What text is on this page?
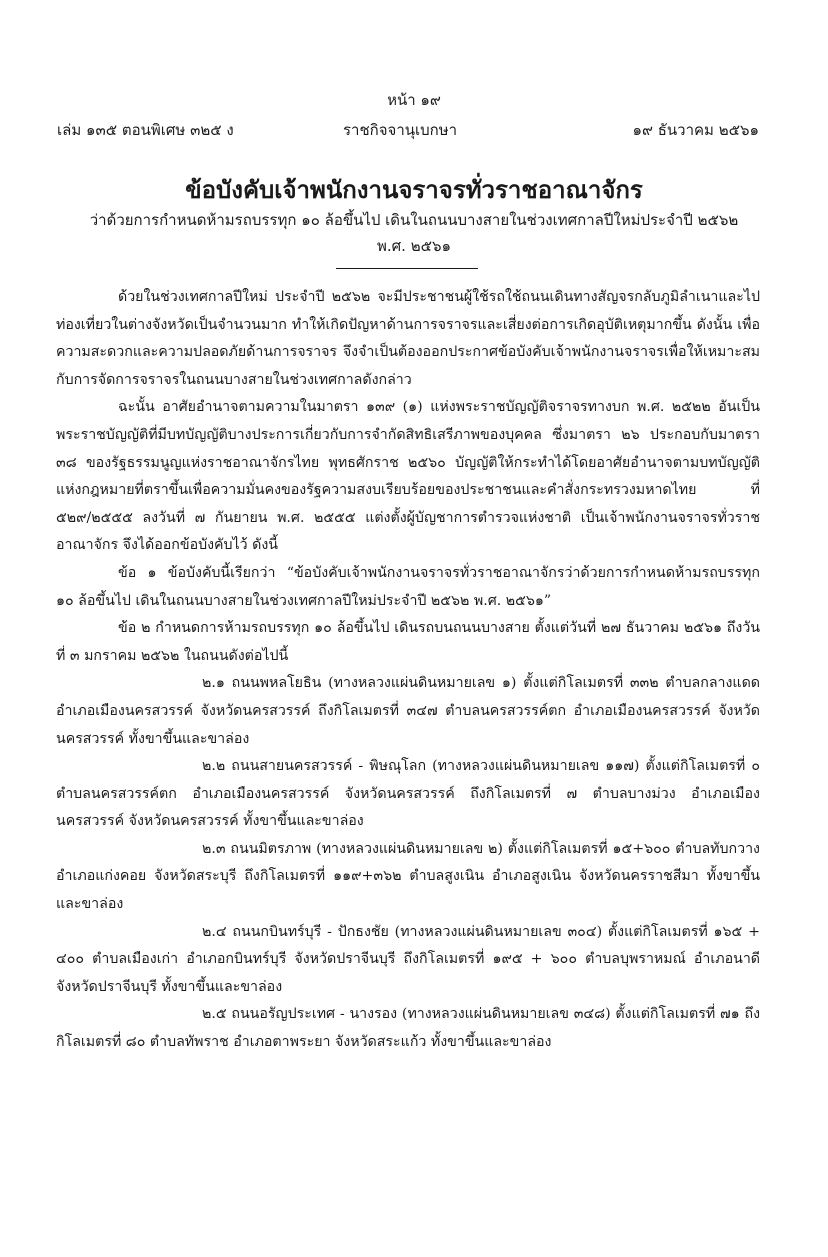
หน้า ๑๙
เล่ม ๑๓๕ ตอนพิเศษ ๓๒๕ ง	ราชกิจจานุเบกษา	๑๙ ธันวาคม ๒๕๖๑
ข้อบังคับเจ้าพนักงานจราจรทั่วราชอาณาจักร
ว่าด้วยการกำหนดห้ามรถบรรทุก ๑๐ ล้อขึ้นไป เดินในถนนบางสายในช่วงเทศกาลปีใหม่ประจำปี ๒๕๖๒
พ.ศ. ๒๕๖๑

ด้วยในช่วงเทศกาลปีใหม่ ประจำปี ๒๕๖๒ จะมีประชาชนผู้ใช้รถใช้ถนนเดินทางสัญจรกลับภูมิลำเนาและไปท่องเที่ยวในต่างจังหวัดเป็นจำนวนมาก ทำให้เกิดปัญหาด้านการจราจรและเสี่ยงต่อการเกิดอุบัติเหตุมากขึ้น ดังนั้น เพื่อความสะดวกและความปลอดภัยด้านการจราจร จึงจำเป็นต้องออกประกาศข้อบังคับเจ้าพนักงานจราจรเพื่อให้เหมาะสมกับการจัดการจราจรในถนนบางสายในช่วงเทศกาลดังกล่าว

ฉะนั้น อาศัยอำนาจตามความในมาตรา ๑๓๙ (๑) แห่งพระราชบัญญัติจราจรทางบก พ.ศ. ๒๕๒๒ อันเป็นพระราชบัญญัติที่มีบทบัญญัติบางประการเกี่ยวกับการจำกัดสิทธิเสรีภาพของบุคคล ซึ่งมาตรา ๒๖ ประกอบกับมาตรา ๓๘ ของรัฐธรรมนูญแห่งราชอาณาจักรไทย พุทธศักราช ๒๕๖๐ บัญญัติให้กระทำได้โดยอาศัยอำนาจตามบทบัญญัติแห่งกฎหมายที่ตราขึ้นเพื่อความมั่นคงของรัฐความสงบเรียบร้อยของประชาชนและคำสั่งกระทรวงมหาดไทย ที่ ๕๒๙/๒๕๕๕ ลงวันที่ ๗ กันยายน พ.ศ. ๒๕๕๕ แต่งตั้งผู้บัญชาการตำรวจแห่งชาติ เป็นเจ้าพนักงานจราจรทั่วราชอาณาจักร จึงได้ออกข้อบังคับไว้ ดังนี้

ข้อ ๑ ข้อบังคับนี้เรียกว่า “ข้อบังคับเจ้าพนักงานจราจรทั่วราชอาณาจักรว่าด้วยการกำหนดห้ามรถบรรทุก ๑๐ ล้อขึ้นไป เดินในถนนบางสายในช่วงเทศกาลปีใหม่ประจำปี ๒๕๖๒ พ.ศ. ๒๕๖๑”

ข้อ ๒ กำหนดการห้ามรถบรรทุก ๑๐ ล้อขึ้นไป เดินรถบนถนนบางสาย ตั้งแต่วันที่ ๒๗ ธันวาคม ๒๕๖๑ ถึงวันที่ ๓ มกราคม ๒๕๖๒ ในถนนดังต่อไปนี้

๒.๑ ถนนพหลโยธิน (ทางหลวงแผ่นดินหมายเลข ๑) ตั้งแต่กิโลเมตรที่ ๓๓๒ ตำบลกลางแดด อำเภอเมืองนครสวรรค์ จังหวัดนครสวรรค์ ถึงกิโลเมตรที่ ๓๔๗ ตำบลนครสวรรค์ตก อำเภอเมืองนครสวรรค์ จังหวัดนครสวรรค์ ทั้งขาขึ้นและขาล่อง

๒.๒ ถนนสายนครสวรรค์ - พิษณุโลก (ทางหลวงแผ่นดินหมายเลข ๑๑๗) ตั้งแต่กิโลเมตรที่ ๐ ตำบลนครสวรรค์ตก อำเภอเมืองนครสวรรค์ จังหวัดนครสวรรค์ ถึงกิโลเมตรที่ ๗ ตำบลบางม่วง อำเภอเมืองนครสวรรค์ จังหวัดนครสวรรค์ ทั้งขาขึ้นและขาล่อง

๒.๓ ถนนมิตรภาพ (ทางหลวงแผ่นดินหมายเลข ๒) ตั้งแต่กิโลเมตรที่ ๑๕+๖๐๐ ตำบลทับกวาง อำเภอแก่งคอย จังหวัดสระบุรี ถึงกิโลเมตรที่ ๑๑๙+๓๖๒ ตำบลสูงเนิน อำเภอสูงเนิน จังหวัดนครราชสีมา ทั้งขาขึ้นและขาล่อง

๒.๔ ถนนกบินทร์บุรี - ปักธงชัย (ทางหลวงแผ่นดินหมายเลข ๓๐๔) ตั้งแต่กิโลเมตรที่ ๑๖๕ + ๔๐๐ ตำบลเมืองเก่า อำเภอกบินทร์บุรี จังหวัดปราจีนบุรี ถึงกิโลเมตรที่ ๑๙๕ + ๖๐๐ ตำบลบุพราหมณ์ อำเภอนาดี จังหวัดปราจีนบุรี ทั้งขาขึ้นและขาล่อง

๒.๕ ถนนอรัญประเทศ - นางรอง (ทางหลวงแผ่นดินหมายเลข ๓๔๘) ตั้งแต่กิโลเมตรที่ ๗๑ ถึงกิโลเมตรที่ ๘๐ ตำบลทัพราช อำเภอตาพระยา จังหวัดสระแก้ว ทั้งขาขึ้นและขาล่อง
